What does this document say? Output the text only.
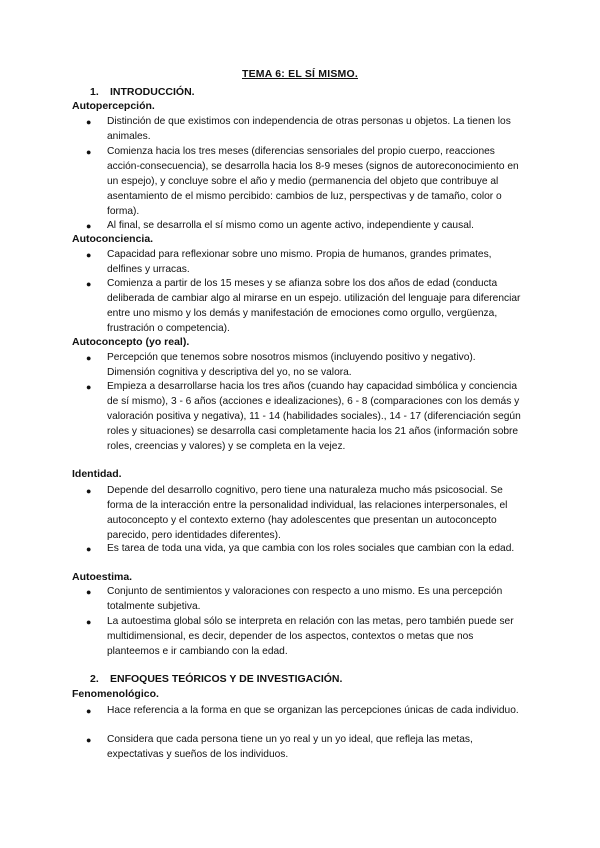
TEMA 6: EL SÍ MISMO.
1. INTRODUCCIÓN.
Autopercepción.
●	Distinción de que existimos con independencia de otras personas u objetos. La tienen los animales.
●	Comienza hacia los tres meses (diferencias sensoriales del propio cuerpo, reacciones acción-consecuencia), se desarrolla hacia los 8-9 meses (signos de autoreconocimiento en un espejo), y concluye sobre el año y medio (permanencia del objeto que contribuye al asentamiento de el mismo percibido: cambios de luz, perspectivas y de tamaño, color o forma).
●	Al final, se desarrolla el sí mismo como un agente activo, independiente y causal.
Autoconciencia.
●	Capacidad para reflexionar sobre uno mismo. Propia de humanos, grandes primates, delfines y urracas.
●	Comienza a partir de los 15 meses y se afianza sobre los dos años de edad (conducta deliberada de cambiar algo al mirarse en un espejo. utilización del lenguaje para diferenciar entre uno mismo y los demás y manifestación de emociones como orgullo, vergüenza, frustración o competencia).
Autoconcepto (yo real).
●	Percepción que tenemos sobre nosotros mismos (incluyendo positivo y negativo). Dimensión cognitiva y descriptiva del yo, no se valora.
●	Empieza a desarrollarse hacia los tres años (cuando hay capacidad simbólica y conciencia de sí mismo), 3 - 6 años (acciones e idealizaciones), 6 - 8 (comparaciones con los demás y valoración positiva y negativa), 11 - 14 (habilidades sociales)., 14 - 17 (diferenciación según roles y situaciones) se desarrolla casi completamente hacia los 21 años (información sobre roles, creencias y valores) y se completa en la vejez.
Identidad.
●	Depende del desarrollo cognitivo, pero tiene una naturaleza mucho más psicosocial. Se forma de la interacción entre la personalidad individual, las relaciones interpersonales, el autoconcepto y el contexto externo (hay adolescentes que presentan un autoconcepto parecido, pero identidades diferentes).
●	Es tarea de toda una vida, ya que cambia con los roles sociales que cambian con la edad.
Autoestima.
●	Conjunto de sentimientos y valoraciones con respecto a uno mismo. Es una percepción totalmente subjetiva.
●	La autoestima global sólo se interpreta en relación con las metas, pero también puede ser multidimensional, es decir, depender de los aspectos, contextos o metas que nos planteemos e ir cambiando con la edad.
2. ENFOQUES TEÓRICOS Y DE INVESTIGACIÓN.
Fenomenológico.
●	Hace referencia a la forma en que se organizan las percepciones únicas de cada individuo.
●	Considera que cada persona tiene un yo real y un yo ideal, que refleja las metas, expectativas y sueños de los individuos.
